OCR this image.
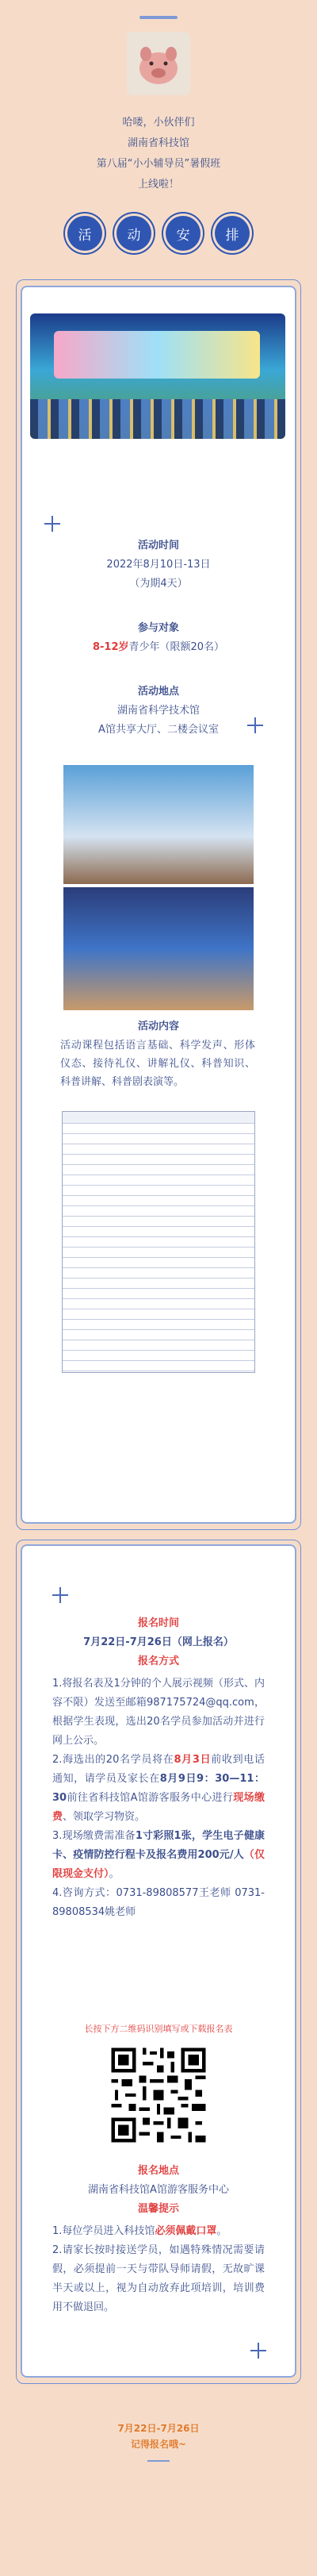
哈喽，小伙伴们
湖南省科技馆
第八届“小小辅导员”暑假班
上线啦！
活	动	安	排
活动时间
2022年8月10日-13日
（为期4天）
参与对象
8-12岁青少年（限额20名）
活动地点
湖南省科学技术馆
A馆共享大厅、二楼会议室
活动内容
活动课程包括语言基础、科学发声、形体仪态、接待礼仪、讲解礼仪、科普知识、科普讲解、科普剧表演等。
报名时间
7月22日-7月26日（网上报名）
报名方式
1.将报名表及1分钟的个人展示视频（形式、内容不限）发送至邮箱987175724@qq.com，根据学生表现，选出20名学员参加活动并进行网上公示。
2.海选出的20名学员将在8月3日前收到电话通知，请学员及家长在8月9日9：30—11：30前往省科技馆A馆游客服务中心进行现场缴费、领取学习物资。
3.现场缴费需准备1寸彩照1张，学生电子健康卡、疫情防控行程卡及报名费用200元/人（仅限现金支付）。
4.咨询方式：0731-89808577王老师 0731-89808534姚老师
长按下方二维码识别填写或下载报名表
报名地点
湖南省科技馆A馆游客服务中心
温馨提示
1.每位学员进入科技馆必须佩戴口罩。
2.请家长按时接送学员，如遇特殊情况需要请假，必须提前一天与带队导师请假，无故旷课半天或以上，视为自动放弃此项培训，培训费用不做退回。
7月22日-7月26日
记得报名哦~
